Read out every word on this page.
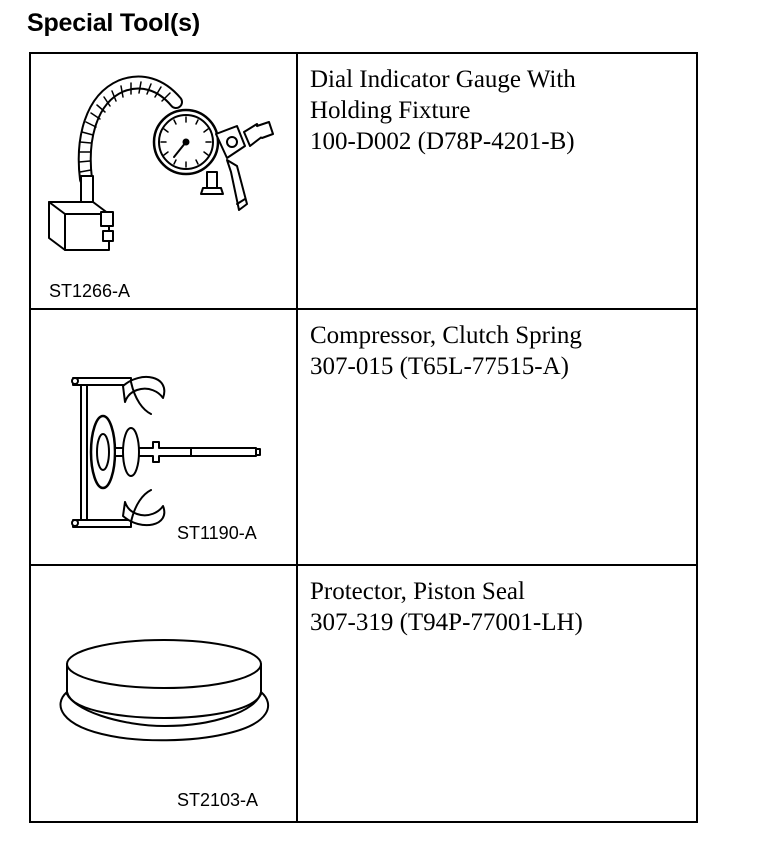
Special Tool(s)
ST1266-A
Dial Indicator Gauge With
Holding Fixture
100-D002 (D78P-4201-B)
ST1190-A
Compressor, Clutch Spring
307-015 (T65L-77515-A)
ST2103-A
Protector, Piston Seal
307-319 (T94P-77001-LH)
